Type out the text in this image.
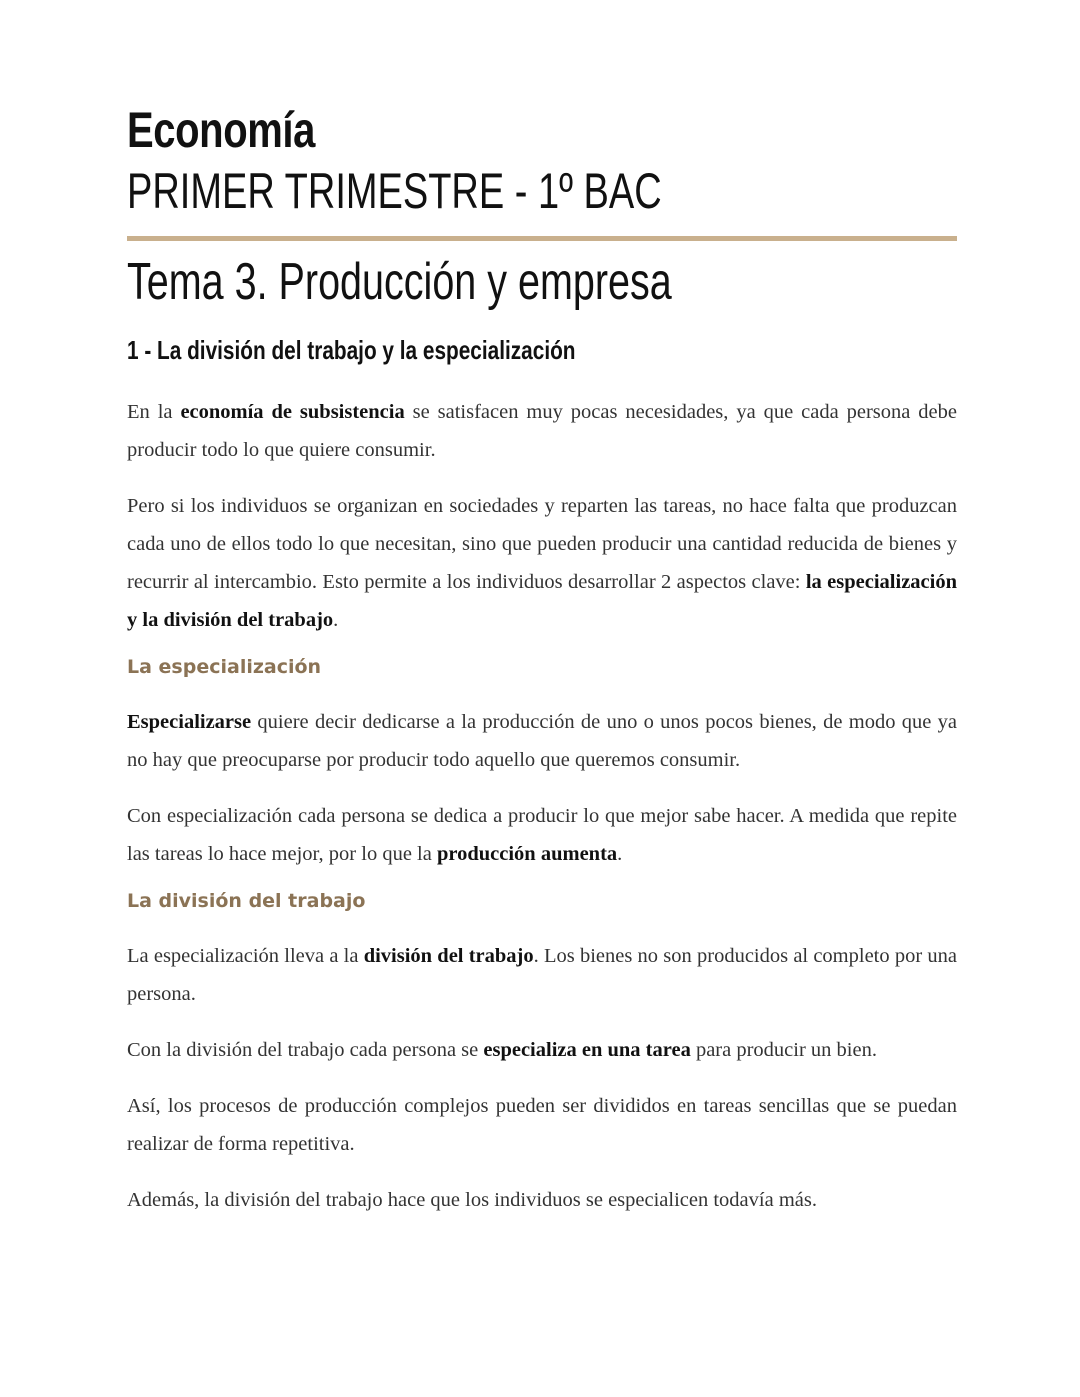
Economía
PRIMER TRIMESTRE - 1º BAC
Tema 3. Producción y empresa
1 - La división del trabajo y la especialización

En la economía de subsistencia se satisfacen muy pocas necesidades, ya que cada persona debe producir todo lo que quiere consumir.

Pero si los individuos se organizan en sociedades y reparten las tareas, no hace falta que produzcan cada uno de ellos todo lo que necesitan, sino que pueden producir una cantidad reducida de bienes y recurrir al intercambio. Esto permite a los individuos desarrollar 2 aspectos clave: la especialización y la división del trabajo.

La especialización

Especializarse quiere decir dedicarse a la producción de uno o unos pocos bienes, de modo que ya no hay que preocuparse por producir todo aquello que queremos consumir.

Con especialización cada persona se dedica a producir lo que mejor sabe hacer. A medida que repite las tareas lo hace mejor, por lo que la producción aumenta.

La división del trabajo

La especialización lleva a la división del trabajo. Los bienes no son producidos al completo por una persona.

Con la división del trabajo cada persona se especializa en una tarea para producir un bien.

Así, los procesos de producción complejos pueden ser divididos en tareas sencillas que se puedan realizar de forma repetitiva.

Además, la división del trabajo hace que los individuos se especialicen todavía más.
